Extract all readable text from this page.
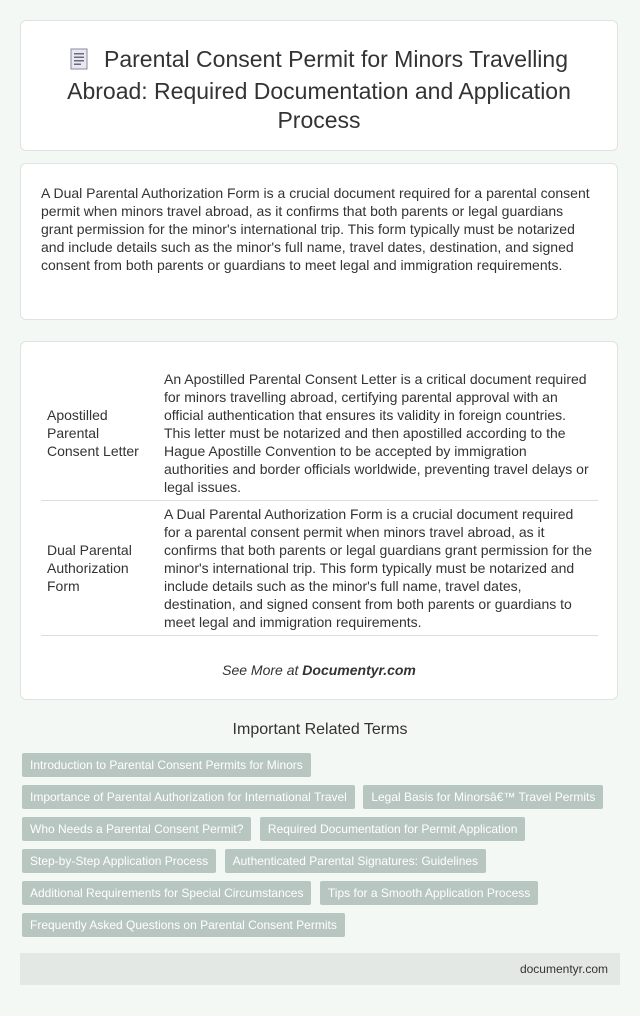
Parental Consent Permit for Minors Travelling Abroad: Required Documentation and Application Process

A Dual Parental Authorization Form is a crucial document required for a parental consent permit when minors travel abroad, as it confirms that both parents or legal guardians grant permission for the minor's international trip. This form typically must be notarized and include details such as the minor's full name, travel dates, destination, and signed consent from both parents or guardians to meet legal and immigration requirements.

Apostilled Parental Consent Letter	An Apostilled Parental Consent Letter is a critical document required for minors travelling abroad, certifying parental approval with an official authentication that ensures its validity in foreign countries. This letter must be notarized and then apostilled according to the Hague Apostille Convention to be accepted by immigration authorities and border officials worldwide, preventing travel delays or legal issues.
Dual Parental Authorization Form	A Dual Parental Authorization Form is a crucial document required for a parental consent permit when minors travel abroad, as it confirms that both parents or legal guardians grant permission for the minor's international trip. This form typically must be notarized and include details such as the minor's full name, travel dates, destination, and signed consent from both parents or guardians to meet legal and immigration requirements.
See More at Documentyr.com
Important Related Terms
Introduction to Parental Consent Permits for Minors
Importance of Parental Authorization for International Travel Legal Basis for Minorsâ€™ Travel Permits
Who Needs a Parental Consent Permit? Required Documentation for Permit Application
Step-by-Step Application Process Authenticated Parental Signatures: Guidelines
Additional Requirements for Special Circumstances Tips for a Smooth Application Process
Frequently Asked Questions on Parental Consent Permits
documentyr.com
